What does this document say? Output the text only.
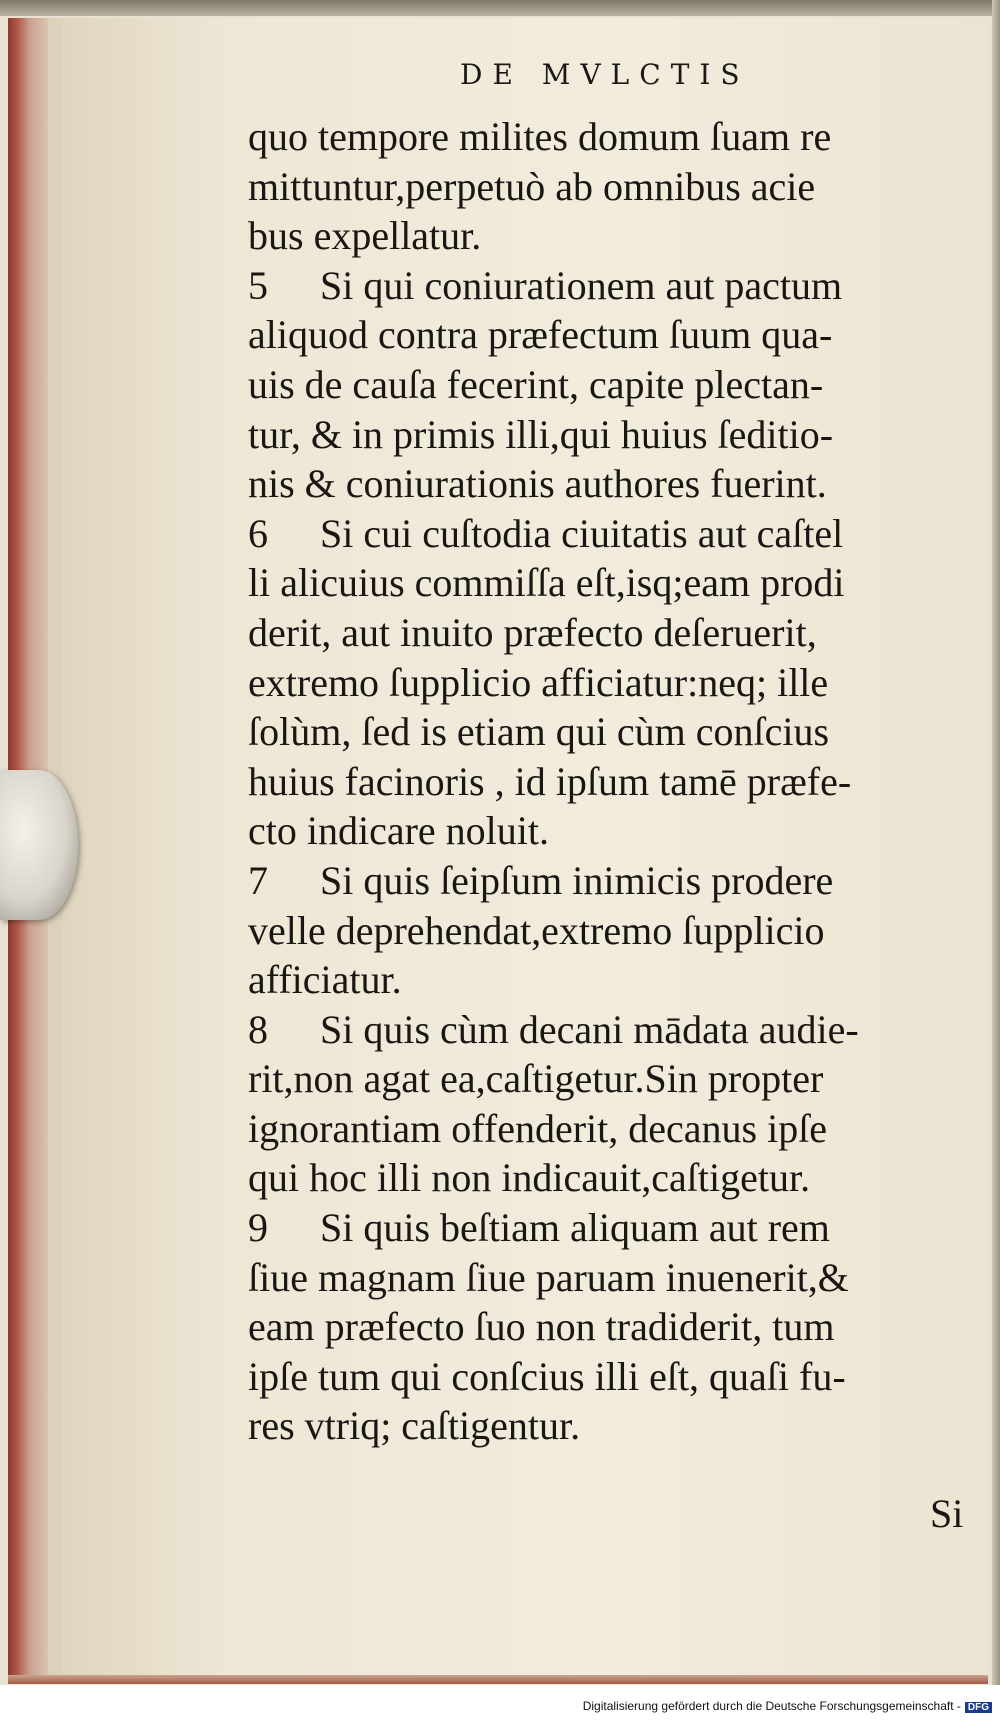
DE MVLCTIS
quo tempore milites domum ſuam re
mittuntur,perpetuò ab omnibus acie
bus expellatur.
5 Si qui coniurationem aut pactum
aliquod contra præfectum ſuum qua-
uis de cauſa fecerint, capite plectan-
tur, & in primis illi,qui huius ſeditio-
nis & coniurationis authores fuerint.
6 Si cui cuſtodia ciuitatis aut caſtel
li alicuius commiſſa eſt,isq;eam prodi
derit, aut inuito præfecto deſeruerit,
extremo ſupplicio afficiatur:neq; ille
ſolùm, ſed is etiam qui cùm conſcius
huius facinoris , id ipſum tamē præfe-
cto indicare noluit.
7 Si quis ſeipſum inimicis prodere
velle deprehendat,extremo ſupplicio
afficiatur.
8 Si quis cùm decani mādata audie-
rit,non agat ea,caſtigetur.Sin propter
ignorantiam offenderit, decanus ipſe
qui hoc illi non indicauit,caſtigetur.
9 Si quis beſtiam aliquam aut rem
ſiue magnam ſiue paruam inuenerit,&
eam præfecto ſuo non tradiderit, tum
ipſe tum qui conſcius illi eſt, quaſi fu-
res vtriq; caſtigentur.
Si
Digitalisierung gefördert durch die Deutsche Forschungsgemeinschaft - DFG
